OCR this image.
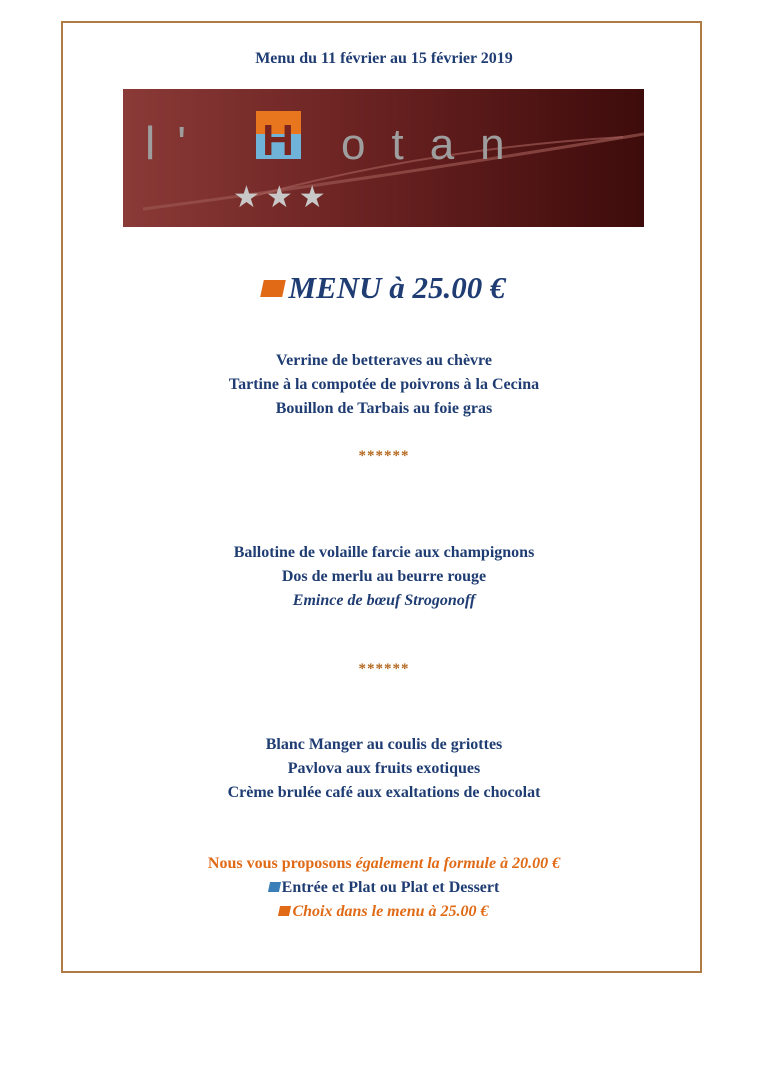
Menu du 11 février au 15 février 2019
l' H otan
★★★
MENU à 25.00 €
Verrine de betteraves au chèvre
Tartine à la compotée de poivrons à la Cecina
Bouillon de Tarbais au foie gras
******
Ballotine de volaille farcie aux champignons
Dos de merlu au beurre rouge
Emince de bœuf Strogonoff
******
Blanc Manger au coulis de griottes
Pavlova aux fruits exotiques
Crème brulée café aux exaltations de chocolat
Nous vous proposons également la formule à 20.00 €
Entrée et Plat ou Plat et Dessert
Choix dans le menu à 25.00 €
